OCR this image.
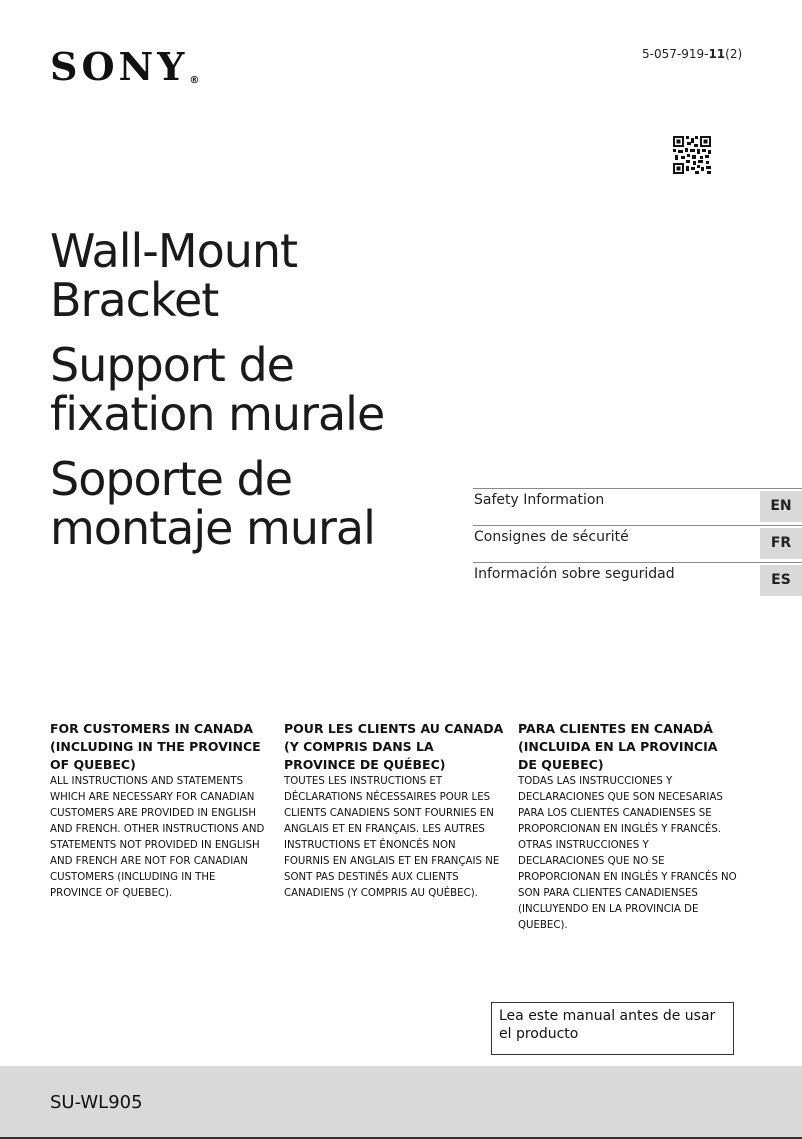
SONY®
5-057-919-11(2)
Wall-Mount
Bracket
Support de
fixation murale
Soporte de
montaje mural
Safety Information	EN
Consignes de sécurité	FR
Información sobre seguridad	ES
FOR CUSTOMERS IN CANADA (INCLUDING IN THE PROVINCE OF QUEBEC)

ALL INSTRUCTIONS AND STATEMENTS WHICH ARE NECESSARY FOR CANADIAN CUSTOMERS ARE PROVIDED IN ENGLISH AND FRENCH. OTHER INSTRUCTIONS AND STATEMENTS NOT PROVIDED IN ENGLISH AND FRENCH ARE NOT FOR CANADIAN CUSTOMERS (INCLUDING IN THE PROVINCE OF QUEBEC).

POUR LES CLIENTS AU CANADA (Y COMPRIS DANS LA PROVINCE DE QUÉBEC)

TOUTES LES INSTRUCTIONS ET DÉCLARATIONS NÉCESSAIRES POUR LES CLIENTS CANADIENS SONT FOURNIES EN ANGLAIS ET EN FRANÇAIS. LES AUTRES INSTRUCTIONS ET ÉNONCÉS NON FOURNIS EN ANGLAIS ET EN FRANÇAIS NE SONT PAS DESTINÉS AUX CLIENTS CANADIENS (Y COMPRIS AU QUÉBEC).

PARA CLIENTES EN CANADÁ (INCLUIDA EN LA PROVINCIA DE QUEBEC)

TODAS LAS INSTRUCCIONES Y DECLARACIONES QUE SON NECESARIAS PARA LOS CLIENTES CANADIENSES SE PROPORCIONAN EN INGLÉS Y FRANCÉS. OTRAS INSTRUCCIONES Y DECLARACIONES QUE NO SE PROPORCIONAN EN INGLÉS Y FRANCÉS NO SON PARA CLIENTES CANADIENSES (INCLUYENDO EN LA PROVINCIA DE QUEBEC).

Lea este manual antes de usar el producto
SU-WL905
